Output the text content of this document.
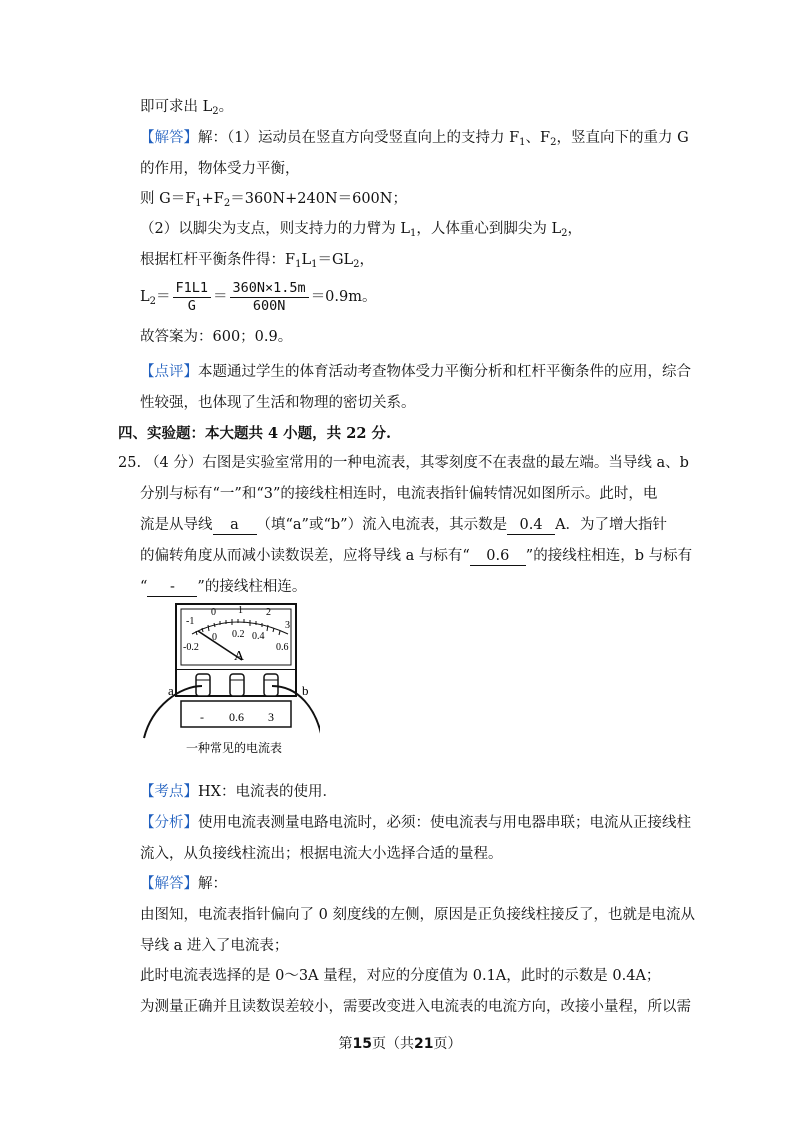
即可求出 $L_2$。
【解答】解：（1）运动员在竖直方向受竖直向上的支持力 $F_1$、$F_2$，竖直向下的重力 G
的作用，物体受力平衡，
则 $G=F_1+F_2=360N+240N=600N$；
（2）以脚尖为支点，则支持力的力臂为 $L_1$，人体重心到脚尖为 $L_2$，
根据杠杆平衡条件得：$F_1L_1=GL_2$，
$L_2= \frac{F1L1}{G} = \frac{360N\times 1.5m}{600N} =0.9m$。
故答案为：600；0.9。
【点评】本题通过学生的体育活动考查物体受力平衡分析和杠杆平衡条件的应用，综合
性较强，也体现了生活和物理的密切关系。
四、实验题：本大题共 4 小题，共 22 分.
25. （4 分）右图是实验室常用的一种电流表，其零刻度不在表盘的最左端。当导线 a、b
分别与标有“一”和“3”的接线柱相连时，电流表指针偏转情况如图所示。此时，电
流是从导线 a （填“a”或“b”）流入电流表，其示数是 0.4 A．为了增大指针
的偏转角度从而减小读数误差，应将导线 a 与标有“ 0.6 ”的接线柱相连，b 与标有
“ - ”的接线柱相连。
-1
0 1 2
3
-0.2
0 0.2 0.4
0.6
A
- 0.6 3
a	b
一种常见的电流表
【考点】HX：电流表的使用．
【分析】使用电流表测量电路电流时，必须：使电流表与用电器串联；电流从正接线柱
流入，从负接线柱流出；根据电流大小选择合适的量程。
【解答】解：
由图知，电流表指针偏向了 0 刻度线的左侧，原因是正负接线柱接反了，也就是电流从
导线 a 进入了电流表；
此时电流表选择的是 0～3A 量程，对应的分度值为 0.1A，此时的示数是 0.4A；
为测量正确并且读数误差较小，需要改变进入电流表的电流方向，改接小量程，所以需
第15页（共21页）
